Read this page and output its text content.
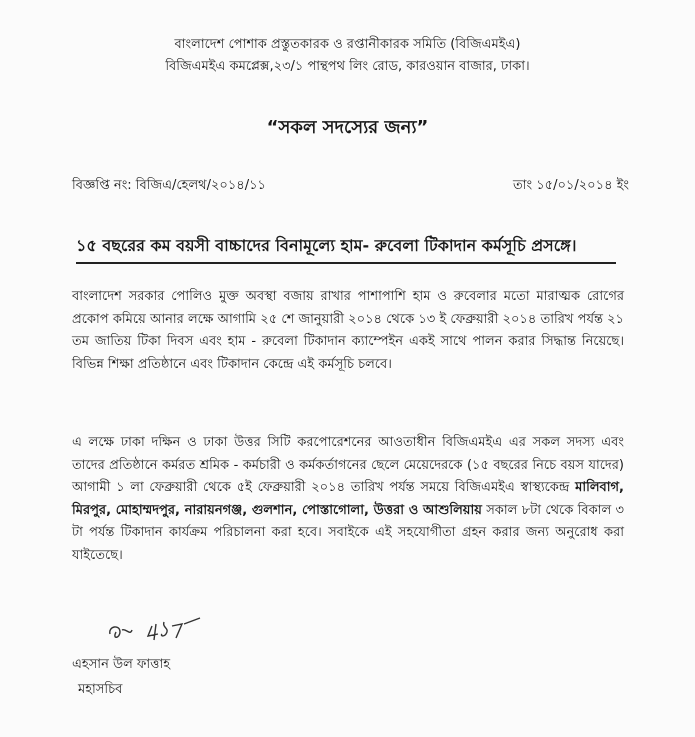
বাংলাদেশ পোশাক প্রস্তুতকারক ও রপ্তানীকারক সমিতি (বিজিএমইএ)
বিজিএমইএ কমপ্লেক্স,২৩/১ পান্থপথ লিং রোড, কারওয়ান বাজার, ঢাকা।
“সকল সদস্যের জন্য”
বিজ্ঞপ্তি নং: বিজিএ/হেলথ/২০১৪/১১	তাং ১৫/০১/২০১৪ ইং
১৫ বছরের কম বয়সী বাচ্চাদের বিনামূল্যে হাম- রুবেলা টিকাদান কর্মসূচি প্রসঙ্গে।
বাংলাদেশ সরকার পোলিও মুক্ত অবস্থা বজায় রাখার পাশাপাশি হাম ও রুবেলার মতো মারাত্মক রোগের প্রকোপ কমিয়ে আনার লক্ষে আগামি ২৫ শে জানুয়ারী ২০১৪ থেকে ১৩ ই ফেব্রুয়ারী ২০১৪ তারিখ পর্যন্ত ২১ তম জাতিয় টিকা দিবস এবং হাম - রুবেলা টিকাদান ক্যাম্পেইন একই সাথে পালন করার সিদ্ধান্ত নিয়েছে। বিভিন্ন শিক্ষা প্রতিষ্ঠানে এবং টিকাদান কেন্দ্রে এই কর্মসূচি চলবে।
এ লক্ষে ঢাকা দক্ষিন ও ঢাকা উত্তর সিটি করপোরেশনের আওতাধীন বিজিএমইএ এর সকল সদস্য এবং তাদের প্রতিষ্ঠানে কর্মরত শ্রমিক - কর্মচারী ও কর্মকর্তাগনের ছেলে মেয়েদেরকে (১৫ বছরের নিচে বয়স যাদের) আগামী ১ লা ফেব্রুয়ারী থেকে ৫ই ফেব্রুয়ারী ২০১৪ তারিখ পর্যন্ত সময়ে বিজিএমইএ স্বাস্থ্যকেন্দ্র মালিবাগ, মিরপুর, মোহাম্মদপুর, নারায়নগঞ্জ, গুলশান, পোস্তাগোলা, উত্তরা ও আশুলিয়ায় সকাল ৮টা থেকে বিকাল ৩ টা পর্যন্ত টিকাদান কার্যক্রম পরিচালনা করা হবে। সবাইকে এই সহযোগীতা গ্রহন করার জন্য অনুরোধ করা যাইতেছে।
এহসান উল ফাত্তাহ
মহাসচিব
